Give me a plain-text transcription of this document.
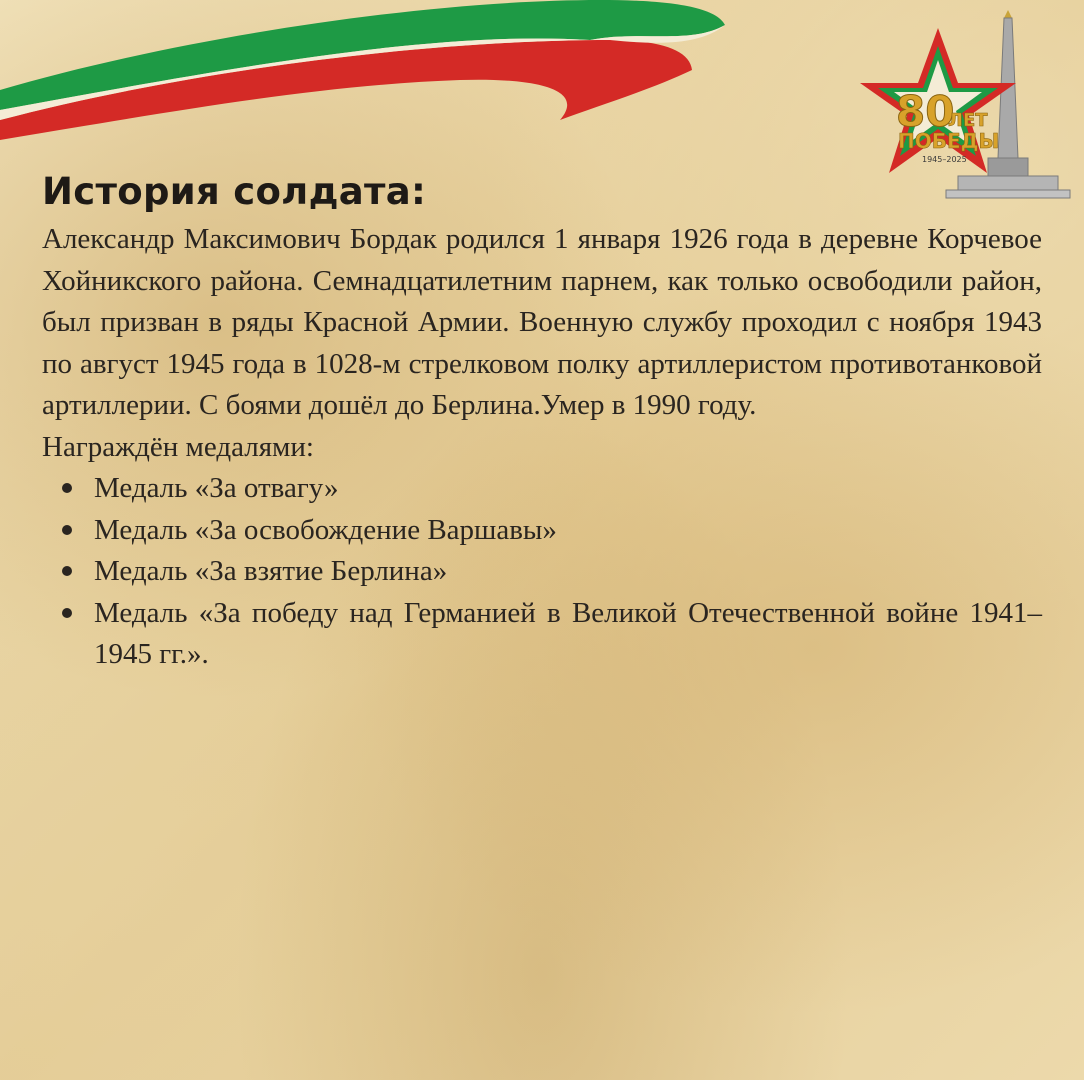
80
ЛЕТ
ПОБЕДЫ
1945–2025
История солдата:

Александр Максимович Бордак родился 1 января 1926 года в деревне Корчевое Хойникского района. Семнадцатилетним парнем, как только освободили район, был призван в ряды Красной Армии. Военную службу проходил с ноября 1943 по август 1945 года в 1028-м стрелковом полку артиллеристом противотанковой артиллерии. С боями дошёл до Берлина.Умер в 1990 году.

Награждён медалями:

Медаль «За отвагу»
Медаль «За освобождение Варшавы»
Медаль «За взятие Берлина»
Медаль «За победу над Германией в Великой Отечественной войне 1941–1945 гг.».
